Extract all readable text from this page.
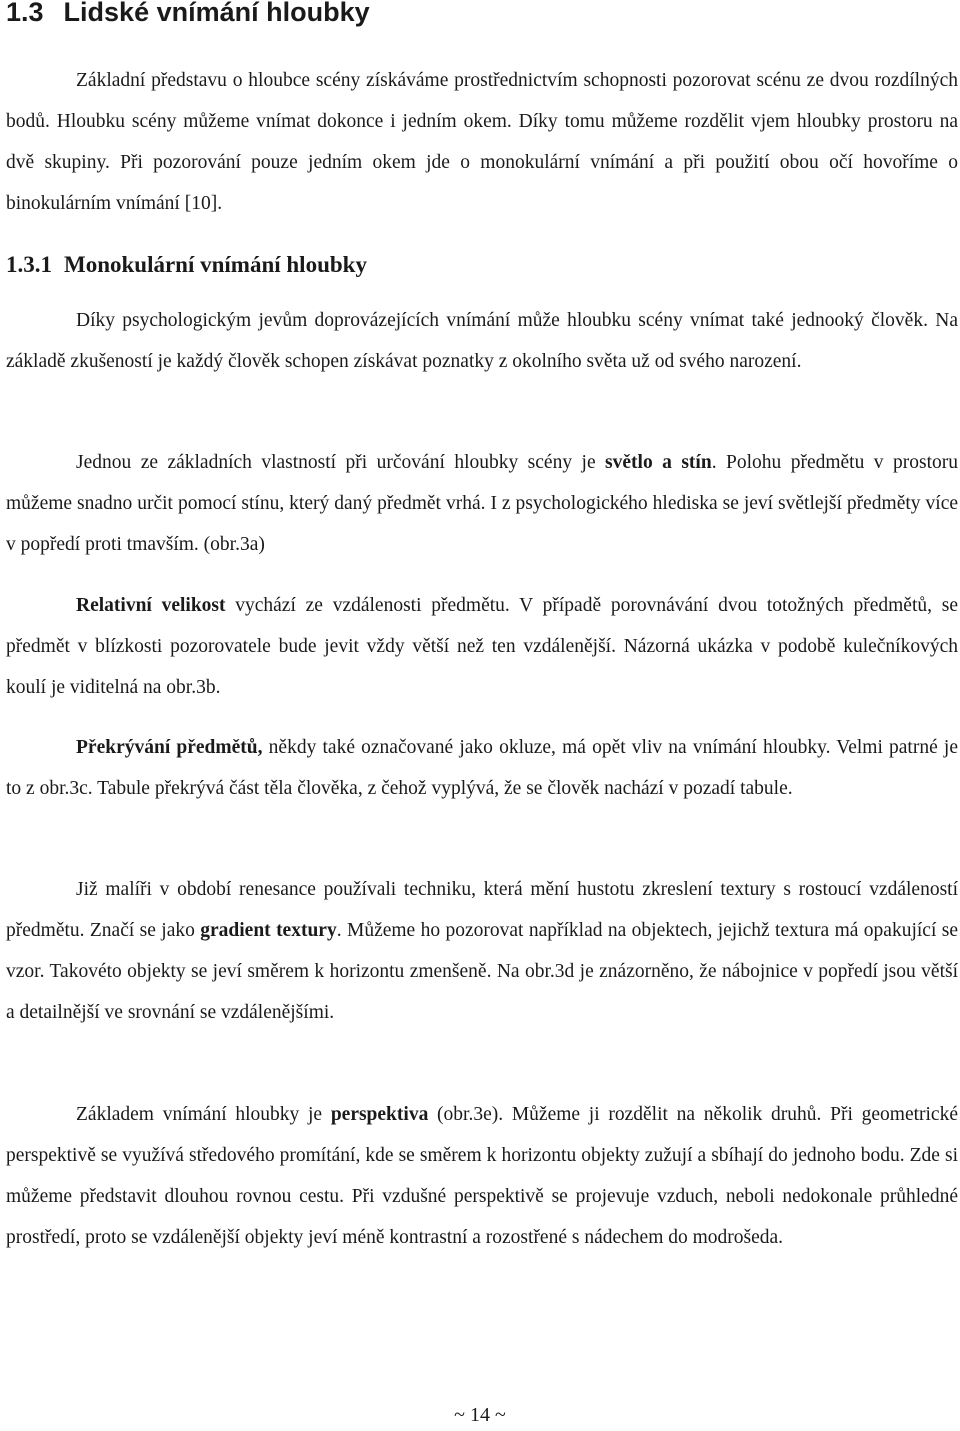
1.3 Lidské vnímání hloubky

Základní představu o hloubce scény získáváme prostřednictvím schopnosti pozorovat scénu ze dvou rozdílných bodů. Hloubku scény můžeme vnímat dokonce i jedním okem. Díky tomu můžeme rozdělit vjem hloubky prostoru na dvě skupiny. Při pozorování pouze jedním okem jde o monokulární vnímání a při použití obou očí hovoříme o binokulárním vnímání [10].

1.3.1 Monokulární vnímání hloubky

Díky psychologickým jevům doprovázejících vnímání může hloubku scény vnímat také jednooký člověk. Na základě zkušeností je každý člověk schopen získávat poznatky z okolního světa už od svého narození.

Jednou ze základních vlastností při určování hloubky scény je světlo a stín. Polohu předmětu v prostoru můžeme snadno určit pomocí stínu, který daný předmět vrhá. I z psychologického hlediska se jeví světlejší předměty více v popředí proti tmavším. (obr.3a)

Relativní velikost vychází ze vzdálenosti předmětu. V případě porovnávání dvou totožných předmětů, se předmět v blízkosti pozorovatele bude jevit vždy větší než ten vzdálenější. Názorná ukázka v podobě kulečníkových koulí je viditelná na obr.3b.

Překrývání předmětů, někdy také označované jako okluze, má opět vliv na vnímání hloubky. Velmi patrné je to z obr.3c. Tabule překrývá část těla člověka, z čehož vyplývá, že se člověk nachází v pozadí tabule.

Již malíři v období renesance používali techniku, která mění hustotu zkreslení textury s rostoucí vzdáleností předmětu. Značí se jako gradient textury. Můžeme ho pozorovat například na objektech, jejichž textura má opakující se vzor. Takovéto objekty se jeví směrem k horizontu zmenšeně. Na obr.3d je znázorněno, že nábojnice v popředí jsou větší a detailnější ve srovnání se vzdálenějšími.

Základem vnímání hloubky je perspektiva (obr.3e). Můžeme ji rozdělit na několik druhů. Při geometrické perspektivě se využívá středového promítání, kde se směrem k horizontu objekty zužují a sbíhají do jednoho bodu. Zde si můžeme představit dlouhou rovnou cestu. Při vzdušné perspektivě se projevuje vzduch, neboli nedokonale průhledné prostředí, proto se vzdálenější objekty jeví méně kontrastní a rozostřené s nádechem do modrošeda.

~ 14 ~
